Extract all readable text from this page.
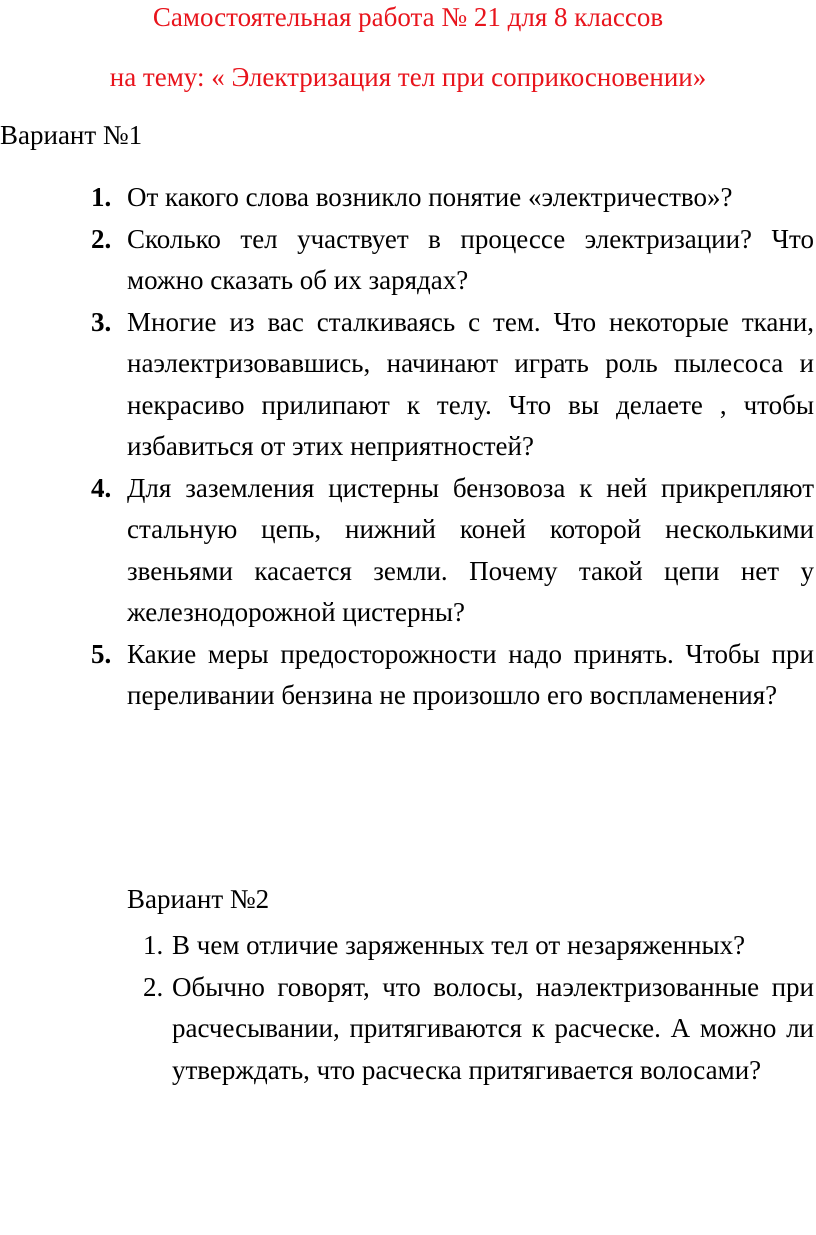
Самостоятельная работа № 21 для 8 классов
на тему: « Электризация тел при соприкосновении»
Вариант №1
1. От какого слова возникло понятие «электричество»?
2. Сколько тел участвует в процессе электризации? Что можно сказать об их зарядах?
3. Многие из вас сталкиваясь с тем. Что некоторые ткани, наэлектризовавшись, начинают играть роль пылесоса и некрасиво прилипают к телу. Что вы делаете , чтобы избавиться от этих неприятностей?
4. Для заземления цистерны бензовоза к ней прикрепляют стальную цепь, нижний коней которой несколькими звеньями касается земли. Почему такой цепи нет у железнодорожной цистерны?
5. Какие меры предосторожности надо принять. Чтобы при переливании бензина не произошло его воспламенения?
Вариант №2
1. В чем отличие заряженных тел от незаряженных?
2. Обычно говорят, что волосы, наэлектризованные при расчесывании, притягиваются к расческе. А можно ли утверждать, что расческа притягивается волосами?
